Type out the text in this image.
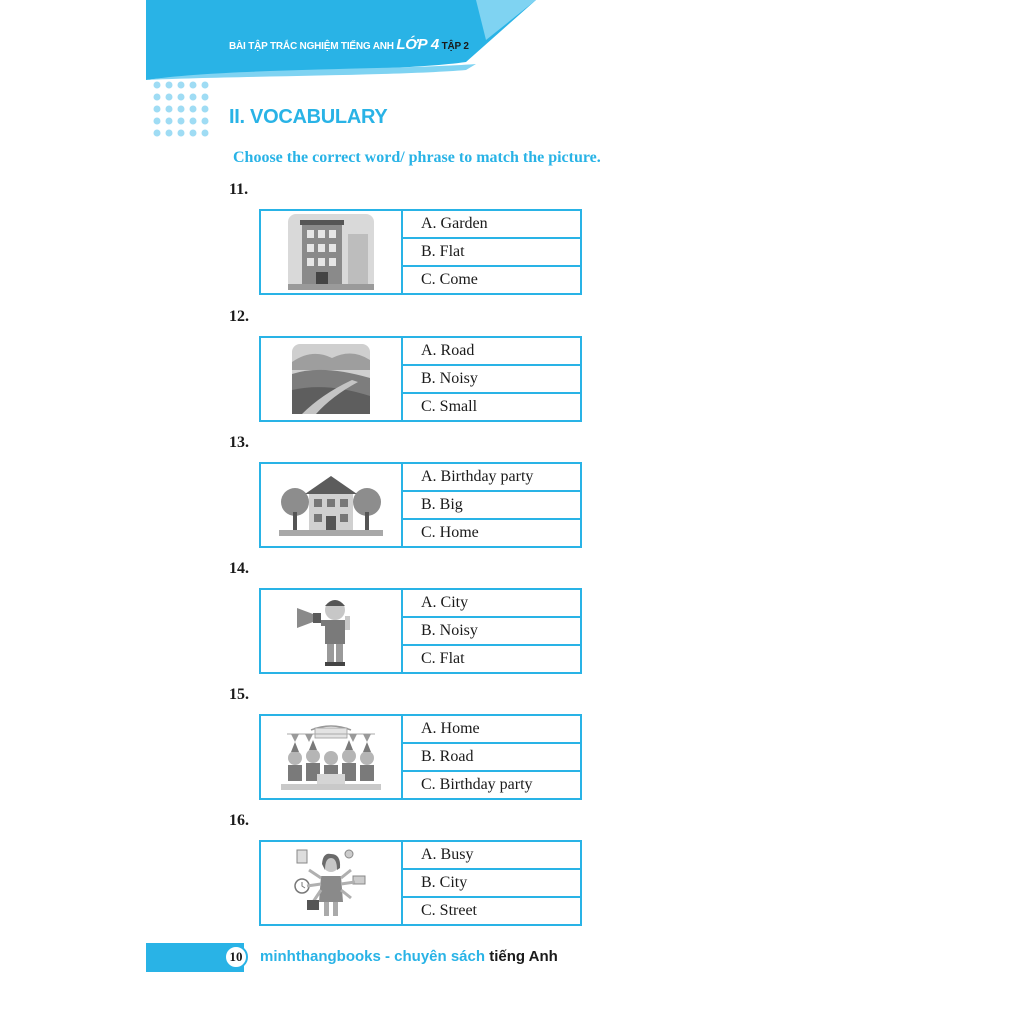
BÀI TẬP TRẮC NGHIỆM TIẾNG ANH LỚP 4 TẬP 2
II. VOCABULARY
Choose the correct word/ phrase to match the picture.
11.
A. Garden
B. Flat
C. Come
12.
A. Road
B. Noisy
C. Small
13.
A. Birthday party
B. Big
C. Home
14.
A. City
B. Noisy
C. Flat
15.
A. Home
B. Road
C. Birthday party
16.
A. Busy
B. City
C. Street
10	minhthangbooks - chuyên sách tiếng Anh
